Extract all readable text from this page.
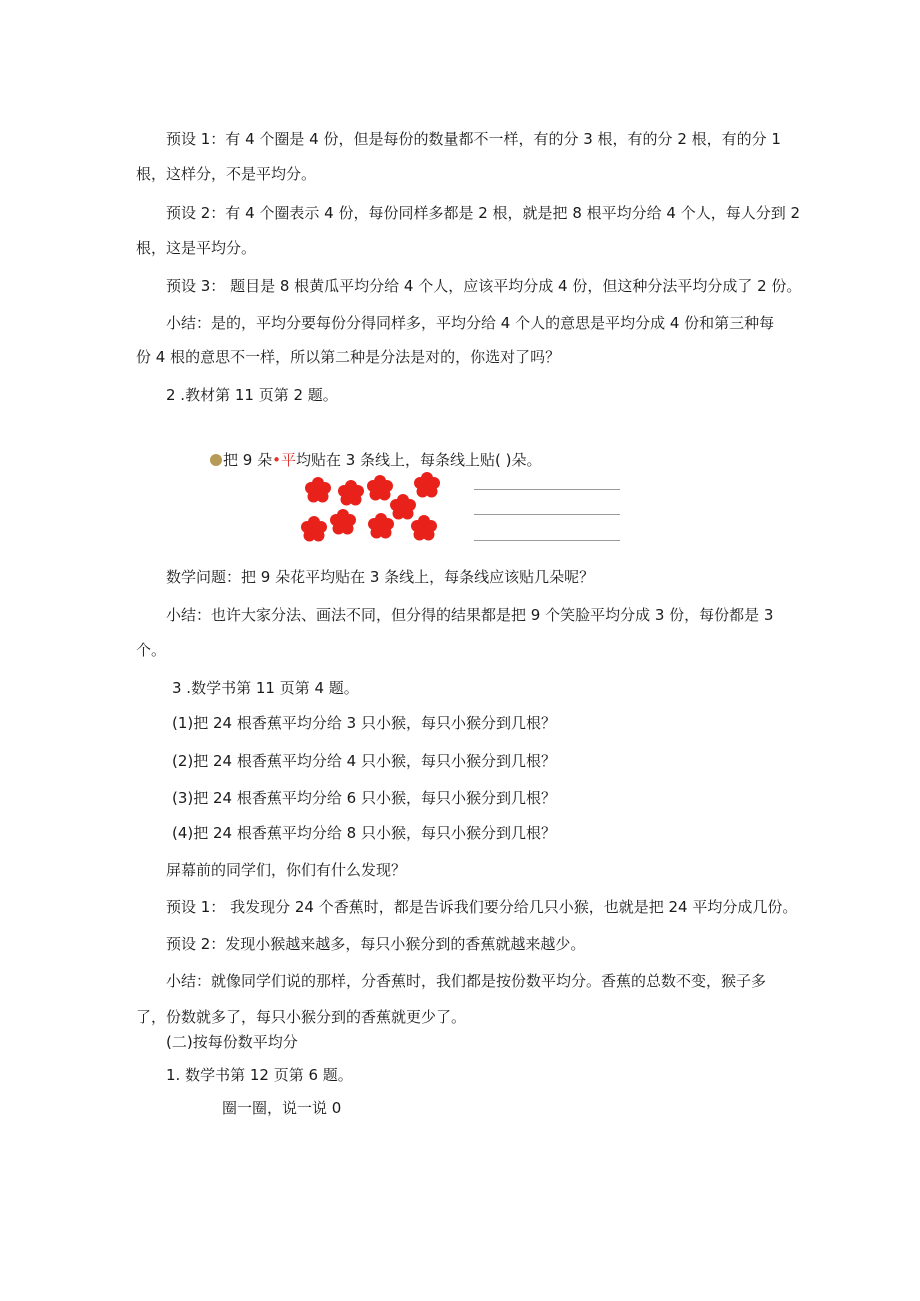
预设 1：有 4 个圈是 4 份，但是每份的数量都不一样，有的分 3 根，有的分 2 根，有的分 1
根，这样分，不是平均分。
预设 2：有 4 个圈表示 4 份，每份同样多都是 2 根，就是把 8 根平均分给 4 个人，每人分到 2
根，这是平均分。
预设 3： 题目是 8 根黄瓜平均分给 4 个人，应该平均分成 4 份，但这种分法平均分成了 2 份。
小结：是的，平均分要每份分得同样多，平均分给 4 个人的意思是平均分成 4 份和第三种每
份 4 根的意思不一样，所以第二种是分法是对的，你选对了吗？
2 .教材第 11 页第 2 题。
把 9 朵•平均贴在 3 条线上，每条线上贴( )朵。
数学问题：把 9 朵花平均贴在 3 条线上，每条线应该贴几朵呢？
小结：也许大家分法、画法不同，但分得的结果都是把 9 个笑脸平均分成 3 份，每份都是 3
个。
3 .数学书第 11 页第 4 题。
(1)把 24 根香蕉平均分给 3 只小猴，每只小猴分到几根？
(2)把 24 根香蕉平均分给 4 只小猴，每只小猴分到几根？
(3)把 24 根香蕉平均分给 6 只小猴，每只小猴分到几根？
(4)把 24 根香蕉平均分给 8 只小猴，每只小猴分到几根？
屏幕前的同学们，你们有什么发现？
预设 1： 我发现分 24 个香蕉时，都是告诉我们要分给几只小猴，也就是把 24 平均分成几份。
预设 2：发现小猴越来越多，每只小猴分到的香蕉就越来越少。
小结：就像同学们说的那样，分香蕉时，我们都是按份数平均分。香蕉的总数不变，猴子多
了，份数就多了，每只小猴分到的香蕉就更少了。
(二)按每份数平均分
1. 数学书第 12 页第 6 题。
圈一圈，说一说 0
